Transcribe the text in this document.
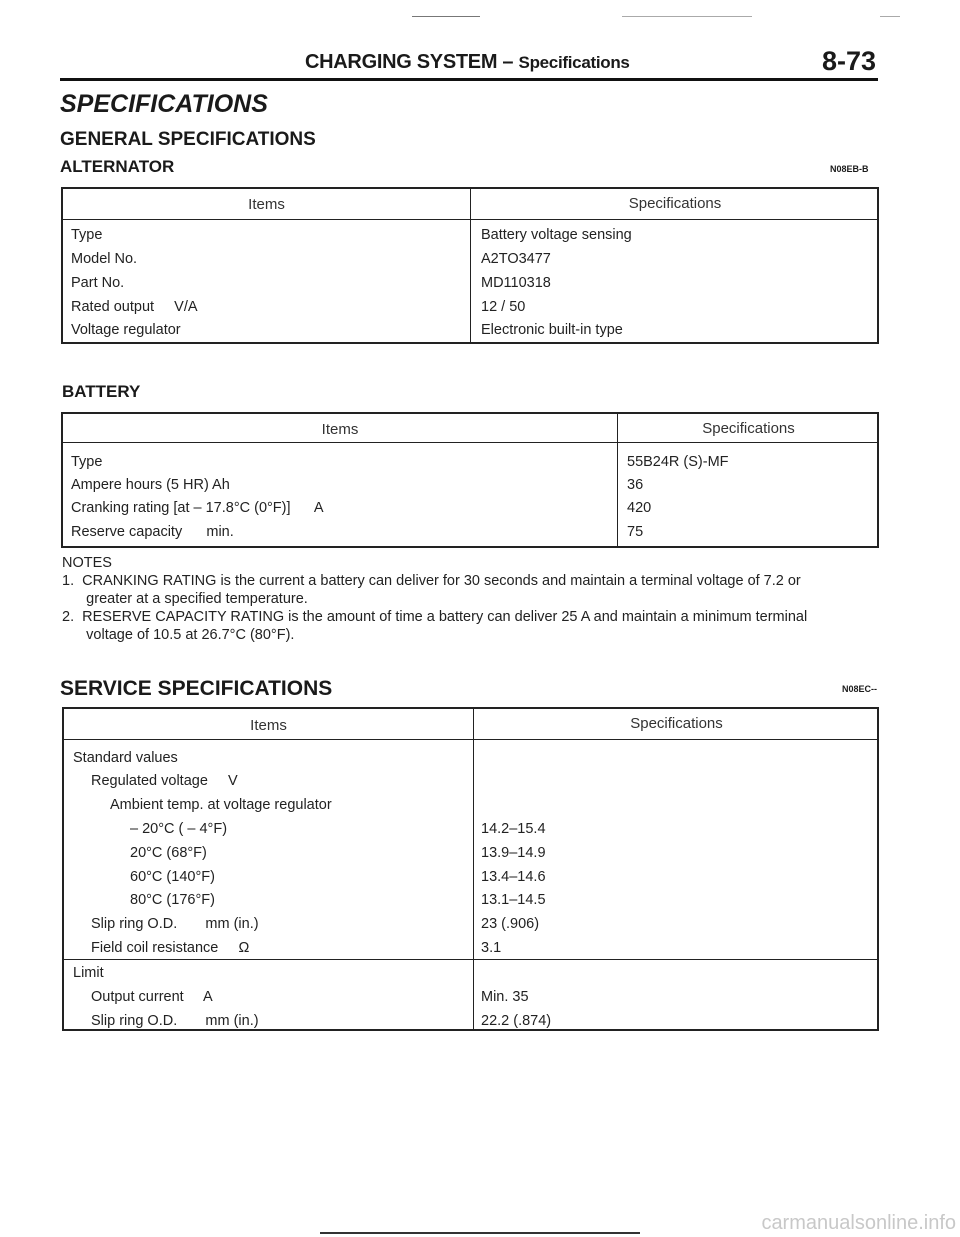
CHARGING SYSTEM – Specifications	8-73
SPECIFICATIONS
GENERAL SPECIFICATIONS
ALTERNATOR	N08EB-B
Items	Specifications
Type	Battery voltage sensing
Model No.	A2TO3477
Part No.	MD110318
Rated output     V/A	12 / 50
Voltage regulator	Electronic built-in type
BATTERY
Items	Specifications
Type	55B24R (S)-MF
Ampere hours (5 HR) Ah	36
Cranking rating [at – 17.8°C (0°F)]      A	420
Reserve capacity      min.	75
NOTES
1.  CRANKING RATING is the current a battery can deliver for 30 seconds and maintain a terminal voltage of 7.2 or
greater at a specified temperature.
2.  RESERVE CAPACITY RATING is the amount of time a battery can deliver 25 A and maintain a minimum terminal
voltage of 10.5 at 26.7°C (80°F).
SERVICE SPECIFICATIONS	N08EC--
Items	Specifications
Standard values
Regulated voltage     V
Ambient temp. at voltage regulator
– 20°C ( – 4°F)	14.2–15.4
20°C (68°F)	13.9–14.9
60°C (140°F)	13.4–14.6
80°C (176°F)	13.1–14.5
Slip ring O.D.       mm (in.)	23 (.906)
Field coil resistance     Ω	3.1
Limit
Output current     A	Min. 35
Slip ring O.D.       mm (in.)	22.2 (.874)
carmanualsonline.info
